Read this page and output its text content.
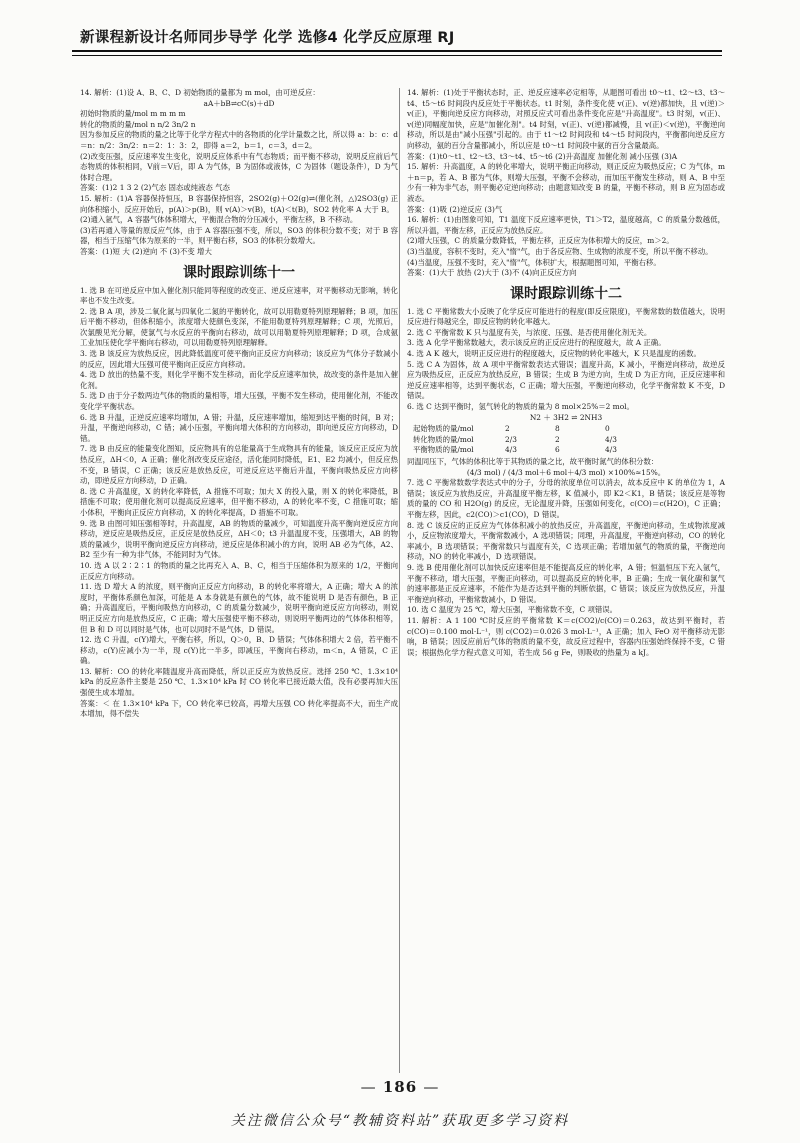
新课程新设计名师同步导学 化学 选修4 化学反应原理 RJ

14. 解析：(1)设 A、B、C、D 初始物质的量都为 m mol，由可逆反应：

aA＋bB⇌cC(s)＋dD

初始时物质的量/mol m m m m

转化的物质的量/mol n n/2 3n/2 n

因为参加反应的物质的量之比等于化学方程式中的各物质的化学计量数之比，所以得 a：b：c：d＝n：n/2：3n/2：n＝2：1：3：2，即得 a＝2，b＝1，c＝3，d＝2。

(2)改变压强，反应速率发生变化，说明反应体系中有气态物质；而平衡不移动，说明反应前后气态物质的体积相同，V前＝V后，即 A 为气体，B 为固体或液体，C 为固体（题设条件），D 为气体时合理。

答案：(1)2 1 3 2 (2)气态 固态或纯液态 气态

15. 解析：(1)A 容器保持恒压，B 容器保持恒容，2SO2(g)＋O2(g)⇌(催化剂，△)2SO3(g) 正向体积缩小，反应开始后，p(A)＞p(B)，则 v(A)＞v(B)，t(A)＜t(B)，SO2 转化率 A 大于 B。

(2)通入氩气，A 容器气体体积增大，平衡混合物的分压减小，平衡左移，B 不移动。

(3)若再通入等量的原反应气体，由于 A 容器压强不变，所以，SO3 的体积分数不变；对于 B 容器，相当于压缩气体为原来的一半，则平衡右移，SO3 的体积分数增大。

答案：(1)短 大 (2)逆向 不 (3)不变 增大

课时跟踪训练十一

1. 选 B 在可逆反应中加入催化剂只能同等程度的改变正、逆反应速率，对平衡移动无影响，转化率也不发生改变。

2. 选 B A 项，涉及二氧化氮与四氧化二氮的平衡转化，故可以用勒夏特列原理解释；B 项，加压后平衡不移动，但体积缩小，浓度增大使颜色变深，不能用勒夏特列原理解释；C 项，光照后，次氯酸见光分解，使氯气与水反应的平衡向右移动，故可以用勒夏特列原理解释；D 项，合成氨工业加压使化学平衡向右移动，可以用勒夏特列原理解释。

3. 选 B 该反应为放热反应，因此降低温度可使平衡向正反应方向移动；该反应为气体分子数减小的反应，因此增大压强可使平衡向正反应方向移动。

4. 选 D 放出的热量不变，则化学平衡不发生移动，而化学反应速率加快，故改变的条件是加入催化剂。

5. 选 D 由于分子数两边气体的物质的量相等，增大压强，平衡不发生移动，使用催化剂，不能改变化学平衡状态。

6. 选 B 升温，正逆反应速率均增加，A 错；升温，反应速率增加，缩短到达平衡的时间，B 对；升温，平衡逆向移动，C 错；减小压强，平衡向增大体积的方向移动，即向逆反应方向移动，D 错。

7. 选 B 由反应的能量变化图知，反应物具有的总能量高于生成物具有的能量，该反应正反应为放热反应，ΔH＜0，A 正确；催化剂改变反应途径，活化能同时降低，E1、E2 均减小，但反应热不变，B 错误，C 正确；该反应是放热反应，可逆反应达平衡后升温，平衡向吸热反应方向移动，即逆反应方向移动，D 正确。

8. 选 C 升高温度，X 的转化率降低，A 措施不可取；加大 X 的投入量，则 X 的转化率降低，B 措施不可取；使用催化剂可以提高反应速率，但平衡不移动，A 的转化率不变，C 措施可取；缩小体积，平衡向正反应方向移动，X 的转化率提高，D 措施不可取。

9. 选 B 由图可知压强相等时，升高温度，AB 的物质的量减少，可知温度升高平衡向逆反应方向移动，逆反应是吸热反应，正反应是放热反应，ΔH＜0；t3 升温温度不变，压强增大，AB 的物质的量减少，说明平衡向逆反应方向移动，逆反应是体积减小的方向，说明 AB 必为气体，A2、B2 至少有一种为非气体，不能同时为气体。

10. 选 A 以 2∶2∶1 的物质的量之比再充入 A、B、C，相当于压缩体积为原来的 1/2，平衡向正反应方向移动。

11. 选 D 增大 A 的浓度，则平衡向正反应方向移动，B 的转化率将增大，A 正确；增大 A 的浓度时，平衡体系颜色加深，可能是 A 本身就是有颜色的气体，故不能说明 D 是否有颜色，B 正确；升高温度后，平衡向吸热方向移动，C 的质量分数减少，说明平衡向逆反应方向移动，则说明正反应方向是放热反应，C 正确；增大压强使平衡不移动，则说明平衡两边的气体体积相等，但 B 和 D 可以同时是气体，也可以同时不是气体，D 错误。

12. 选 C 升温，c(Y)增大，平衡右移，所以，Q＞0，B、D 错误；气体体积增大 2 倍，若平衡不移动，c(Y)应减小为一半，现 c(Y)比一半多，即减压，平衡向右移动，m＜n，A 错误，C 正确。

13. 解析：CO 的转化率随温度升高而降低，所以正反应为放热反应。选择 250 ℃、1.3×10⁴ kPa 的反应条件主要是 250 ℃、1.3×10⁴ kPa 时 CO 转化率已接近最大值，没有必要再加大压强使生成本增加。

答案：＜ 在 1.3×10⁴ kPa 下，CO 转化率已较高，再增大压强 CO 转化率提高不大，而生产成本增加，得不偿失

14. 解析：(1)处于平衡状态时，正、逆反应速率必定相等，从题图可看出 t0～t1、t2～t3、t3～t4、t5～t6 时间段内反应处于平衡状态。t1 时刻，条件变化使 v(正)、v(逆)都加快，且 v(逆)＞v(正)，平衡向逆反应方向移动，对照反应式可看出条件变化应是"升高温度"。t3 时刻，v(正)、v(逆)同幅度加快，应是"加催化剂"。t4 时刻，v(正)、v(逆)都减慢，且 v(正)＜v(逆)，平衡逆向移动，所以是由"减小压强"引起的。由于 t1～t2 时间段和 t4～t5 时间段内，平衡都向逆反应方向移动，氨的百分含量都减小，所以应是 t0～t1 时间段中氨的百分含量最高。

答案：(1)t0～t1、t2～t3、t3～t4、t5～t6 (2)升高温度 加催化剂 减小压强 (3)A

15. 解析：升高温度，A 的转化率增大，说明平衡正向移动，则正反应为吸热反应；C 为气体，m＋n＝p，若 A、B 都为气体，则增大压强，平衡不会移动，而加压平衡发生移动，则 A、B 中至少有一种为非气态，则平衡必定逆向移动；由题意知改变 B 的量，平衡不移动，则 B 应为固态或液态。

答案：(1)吸 (2)逆反应 (3)气

16. 解析：(1)由图象可知，T1 温度下反应速率更快，T1＞T2，温度越高，C 的质量分数越低，所以升温，平衡左移，正反应为放热反应。

(2)增大压强，C 的质量分数降低，平衡左移，正反应为体积增大的反应，m＞2。

(3)当温度，容积不变时，充入"惰"气，由于各反应物、生成物的浓度不变，所以平衡不移动。

(4)当温度，压强不变时，充入"惰"气，体积扩大，根据题图可知，平衡右移。

答案：(1)大于 放热 (2)大于 (3)不 (4)向正反应方向

课时跟踪训练十二

1. 选 C 平衡常数大小反映了化学反应可能进行的程度(即反应限度)，平衡常数的数值越大，说明反应进行得越完全，即反应物的转化率越大。

2. 选 C 平衡常数 K 只与温度有关，与浓度、压强、是否使用催化剂无关。

3. 选 A 化学平衡常数越大，表示该反应的正反应进行的程度越大，故 A 正确。

4. 选 A K 越大，说明正反应进行的程度越大，反应物的转化率越大，K 只是温度的函数。

5. 选 C A 为固体，故 A 项中平衡常数表达式错误；温度升高，K 减小，平衡逆向移动，故逆反应为吸热反应，正反应为放热反应，B 错误；生成 B 为逆方向，生成 D 为正方向，正反应速率和逆反应速率相等，达到平衡状态，C 正确；增大压强，平衡逆向移动，化学平衡常数 K 不变，D 错误。

6. 选 C 达到平衡时，氢气转化的物质的量为 8 mol×25%＝2 mol。

N2 ＋ 3H2 ⇌ 2NH3

起始物质的量/mol	2	8	0
转化物质的量/mol	2/3	2	4/3
平衡物质的量/mol	4/3	6	4/3

同温同压下，气体的体积比等于其物质的量之比，故平衡时氮气的体积分数：

(4/3 mol) / (4/3 mol＋6 mol＋4/3 mol) ×100%≈15%。

7. 选 C 平衡常数数学表达式中的分子，分母的浓度单位可以消去，故本反应中 K 的单位为 1，A 错误；该反应为放热反应，升高温度平衡左移，K 值减小，即 K2＜K1，B 错误；该反应是等物质的量的 CO 和 H2O(g) 的反应，无论温度升降，压强如何变化，c(CO)＝c(H2O)，C 正确；平衡左移，因此，c2(CO)＞c1(CO)，D 错误。

8. 选 C 该反应的正反应为气体体积减小的放热反应，升高温度，平衡逆向移动，生成物浓度减小，反应物浓度增大，平衡常数减小，A 选项错误；同理，升高温度，平衡逆向移动，CO 的转化率减小，B 选项错误；平衡常数只与温度有关，C 选项正确；若增加氨气的物质的量，平衡逆向移动，NO 的转化率减小，D 选项错误。

9. 选 B 使用催化剂可以加快反应速率但是不能提高反应的转化率，A 错；恒温恒压下充入氩气，平衡不移动，增大压强，平衡正向移动，可以提高反应的转化率，B 正确；生成一氧化碳和氯气的速率都是正反应速率，不能作为是否达到平衡的判断依据，C 错误；该反应为放热反应，升温平衡逆向移动，平衡常数减小，D 错误。

10. 选 C 温度为 25 ℃，增大压强，平衡常数不变，C 项错误。

11. 解析：A 1 100 ℃时反应的平衡常数 K＝c(CO2)/c(CO)＝0.263，故达到平衡时，若 c(CO)＝0.100 mol·L⁻¹，则 c(CO2)＝0.026 3 mol·L⁻¹，A 正确；加入 FeO 对平衡移动无影响，B 错误；因反应前后气体的物质的量不变，故反应过程中，容器内压强始终保持不变，C 错误；根据热化学方程式意义可知，若生成 56 g Fe，则吸收的热量为 a kJ。

— 186 —
关注微信公众号“教辅资料站”获取更多学习资料
